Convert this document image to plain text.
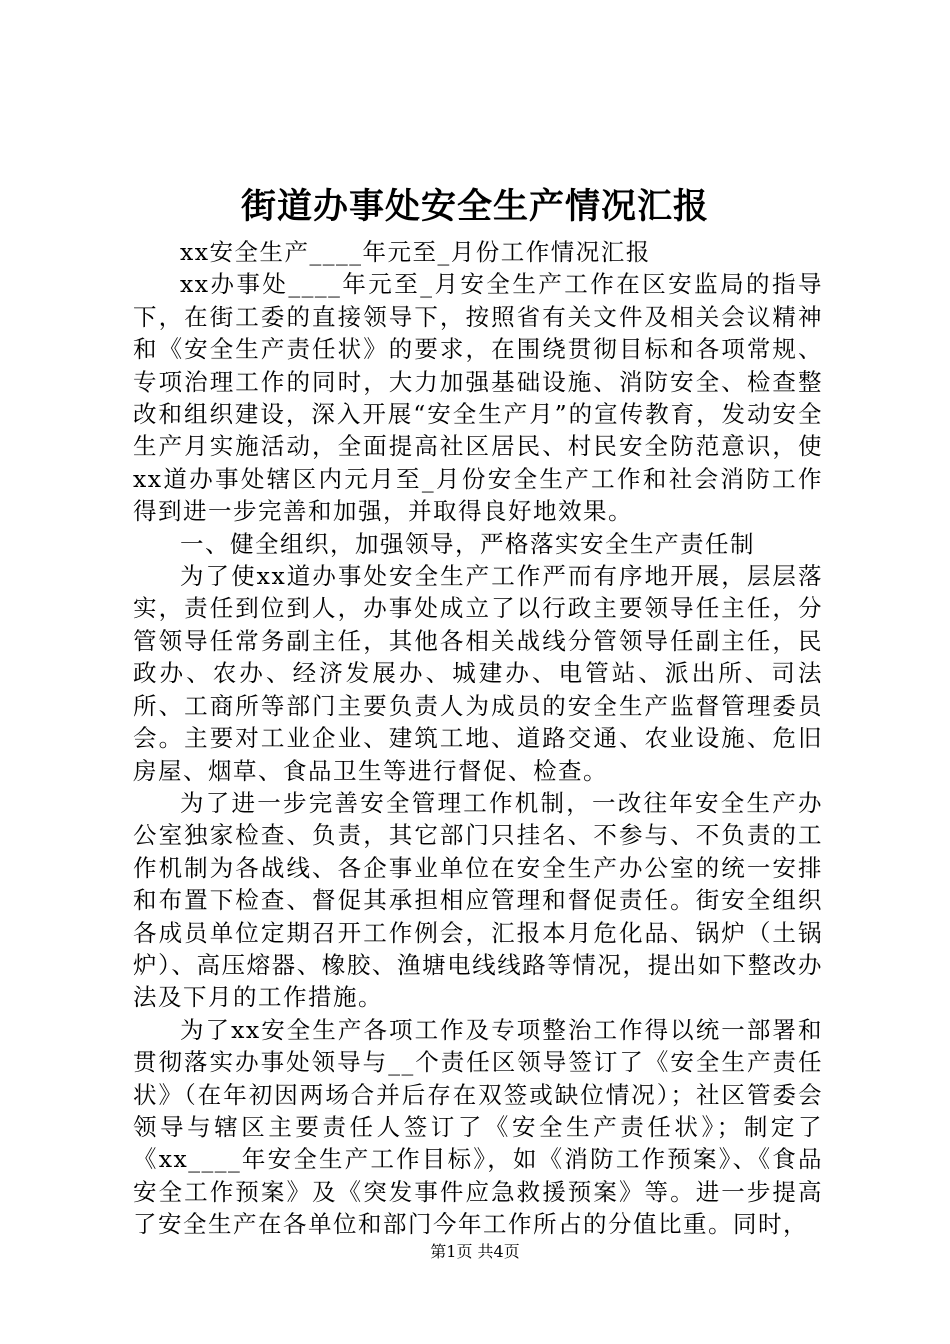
街道办事处安全生产情况汇报

xx安全生产____年元至_月份工作情况汇报

xx办事处____年元至_月安全生产工作在区安监局的指导下，在街工委的直接领导下，按照省有关文件及相关会议精神和《安全生产责任状》的要求，在围绕贯彻目标和各项常规、专项治理工作的同时，大力加强基础设施、消防安全、检查整改和组织建设，深入开展“安全生产月”的宣传教育，发动安全生产月实施活动，全面提高社区居民、村民安全防范意识，使xx道办事处辖区内元月至_月份安全生产工作和社会消防工作得到进一步完善和加强，并取得良好地效果。

一、健全组织，加强领导，严格落实安全生产责任制

为了使xx道办事处安全生产工作严而有序地开展，层层落实，责任到位到人，办事处成立了以行政主要领导任主任，分管领导任常务副主任，其他各相关战线分管领导任副主任，民政办、农办、经济发展办、城建办、电管站、派出所、司法所、工商所等部门主要负责人为成员的安全生产监督管理委员会。主要对工业企业、建筑工地、道路交通、农业设施、危旧房屋、烟草、食品卫生等进行督促、检查。

为了进一步完善安全管理工作机制，一改往年安全生产办公室独家检查、负责，其它部门只挂名、不参与、不负责的工作机制为各战线、各企事业单位在安全生产办公室的统一安排和布置下检查、督促其承担相应管理和督促责任。街安全组织各成员单位定期召开工作例会，汇报本月危化品、锅炉（土锅炉）、高压熔器、橡胶、渔塘电线线路等情况，提出如下整改办法及下月的工作措施。

为了xx安全生产各项工作及专项整治工作得以统一部署和贯彻落实办事处领导与__个责任区领导签订了《安全生产责任状》（在年初因两场合并后存在双签或缺位情况）；社区管委会领导与辖区主要责任人签订了《安全生产责任状》；制定了《xx____年安全生产工作目标》，如《消防工作预案》、《食品安全工作预案》及《突发事件应急救援预案》等。进一步提高了安全生产在各单位和部门今年工作所占的分值比重。同时，

第1页 共4页
